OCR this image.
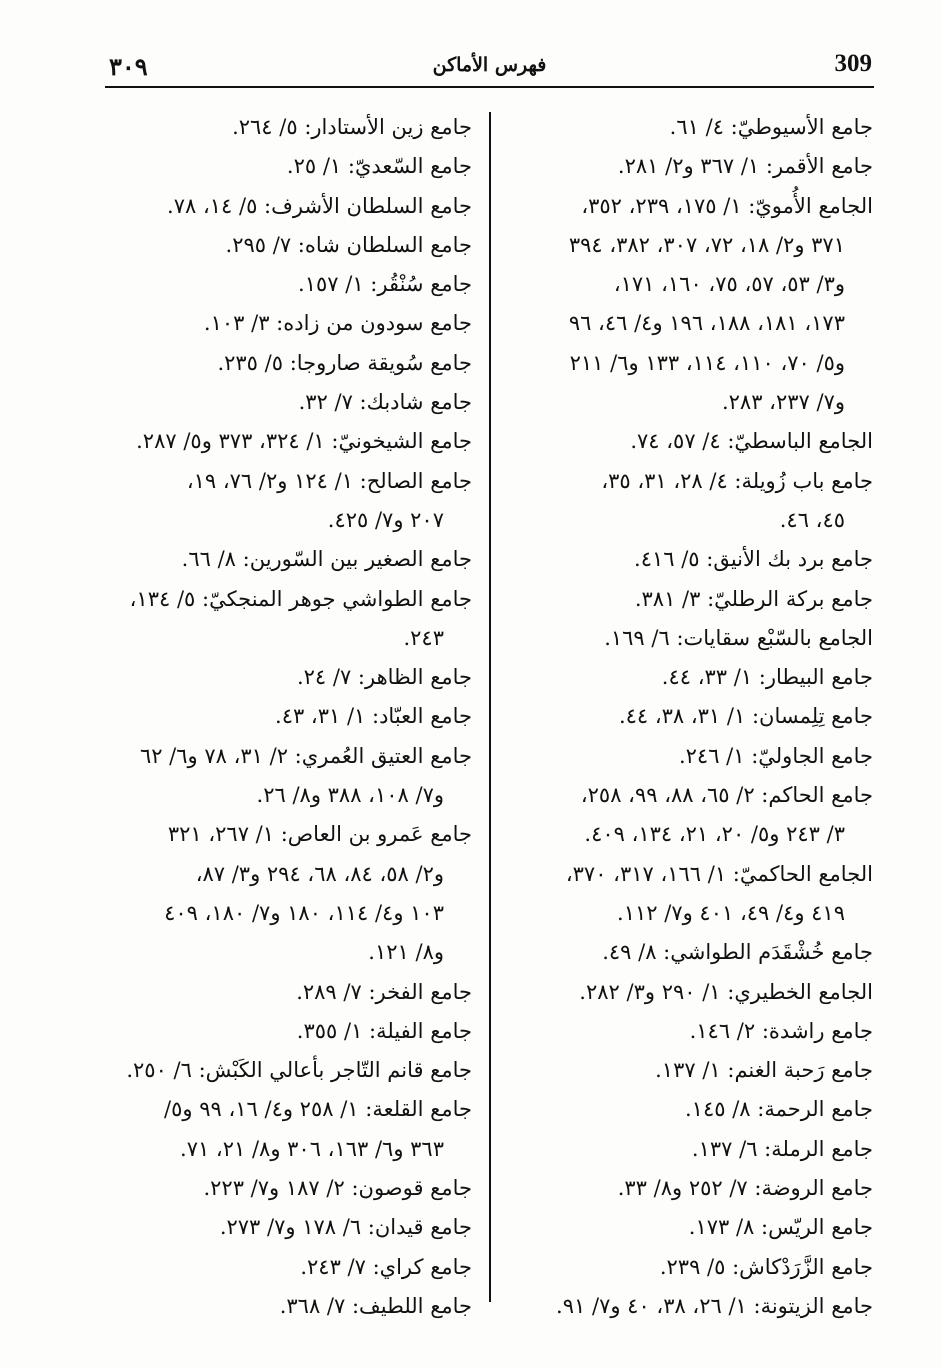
309
فهرس الأماكن
٣٠٩
جامع الأسيوطيّ: ٤/ ٦١.
جامع الأقمر: ١/ ٣٦٧ و٢/ ٢٨١.
الجامع الأُمويّ: ١/ ١٧٥، ٢٣٩، ٣٥٢،
٣٧١ و٢/ ١٨، ٧٢، ٣٠٧، ٣٨٢، ٣٩٤
و٣/ ٥٣، ٥٧، ٧٥، ١٦٠، ١٧١،
١٧٣، ١٨١، ١٨٨، ١٩٦ و٤/ ٤٦، ٩٦
و٥/ ٧٠، ١١٠، ١١٤، ١٣٣ و٦/ ٢١١
و٧/ ٢٣٧، ٢٨٣.
الجامع الباسطيّ: ٤/ ٥٧، ٧٤.
جامع باب زُويلة: ٤/ ٢٨، ٣١، ٣٥،
٤٥، ٤٦.
جامع برد بك الأنيق: ٥/ ٤١٦.
جامع بركة الرطليّ: ٣/ ٣٨١.
الجامع بالسّبْع سقايات: ٦/ ١٦٩.
جامع البيطار: ١/ ٣٣، ٤٤.
جامع تِلِمسان: ١/ ٣١، ٣٨، ٤٤.
جامع الجاوليّ: ١/ ٢٤٦.
جامع الحاكم: ٢/ ٦٥، ٨٨، ٩٩، ٢٥٨،
٣/ ٢٤٣ و٥/ ٢٠، ٢١، ١٣٤، ٤٠٩.
الجامع الحاكميّ: ١/ ١٦٦، ٣١٧، ٣٧٠،
٤١٩ و٤/ ٤٩، ٤٠١ و٧/ ١١٢.
جامع خُشْقَدَم الطواشي: ٨/ ٤٩.
الجامع الخطيري: ١/ ٢٩٠ و٣/ ٢٨٢.
جامع راشدة: ٢/ ١٤٦.
جامع رَحبة الغنم: ١/ ١٣٧.
جامع الرحمة: ٨/ ١٤٥.
جامع الرملة: ٦/ ١٣٧.
جامع الروضة: ٧/ ٢٥٢ و٨/ ٣٣.
جامع الريّس: ٨/ ١٧٣.
جامع الزَّرَدْكاش: ٥/ ٢٣٩.
جامع الزيتونة: ١/ ٢٦، ٣٨، ٤٠ و٧/ ٩١.
جامع زين الأستادار: ٥/ ٢٦٤.
جامع السّعديّ: ١/ ٢٥.
جامع السلطان الأشرف: ٥/ ١٤، ٧٨.
جامع السلطان شاه: ٧/ ٢٩٥.
جامع سُنْقُر: ١/ ١٥٧.
جامع سودون من زاده: ٣/ ١٠٣.
جامع سُويقة صاروجا: ٥/ ٢٣٥.
جامع شادبك: ٧/ ٣٢.
جامع الشيخونيّ: ١/ ٣٢٤، ٣٧٣ و٥/ ٢٨٧.
جامع الصالح: ١/ ١٢٤ و٢/ ٧٦، ١٩،
٢٠٧ و٧/ ٤٢٥.
جامع الصغير بين السّورين: ٨/ ٦٦.
جامع الطواشي جوهر المنجكيّ: ٥/ ١٣٤،
٢٤٣.
جامع الظاهر: ٧/ ٢٤.
جامع العبّاد: ١/ ٣١، ٤٣.
جامع العتيق العُمري: ٢/ ٣١، ٧٨ و٦/ ٦٢
و٧/ ١٠٨، ٣٨٨ و٨/ ٢٦.
جامع عَمرو بن العاص: ١/ ٢٦٧، ٣٢١
و٢/ ٥٨، ٨٤، ٦٨، ٢٩٤ و٣/ ٨٧،
١٠٣ و٤/ ١١٤، ١٨٠ و٧/ ١٨٠، ٤٠٩
و٨/ ١٢١.
جامع الفخر: ٧/ ٢٨٩.
جامع الفيلة: ١/ ٣٥٥.
جامع قانم التّاجر بأعالي الكَبْش: ٦/ ٢٥٠.
جامع القلعة: ١/ ٢٥٨ و٤/ ١٦، ٩٩ و٥/
٣٦٣ و٦/ ١٦٣، ٣٠٦ و٨/ ٢١، ٧١.
جامع قوصون: ٢/ ١٨٧ و٧/ ٢٢٣.
جامع قيدان: ٦/ ١٧٨ و٧/ ٢٧٣.
جامع كراي: ٧/ ٢٤٣.
جامع اللطيف: ٧/ ٣٦٨.
